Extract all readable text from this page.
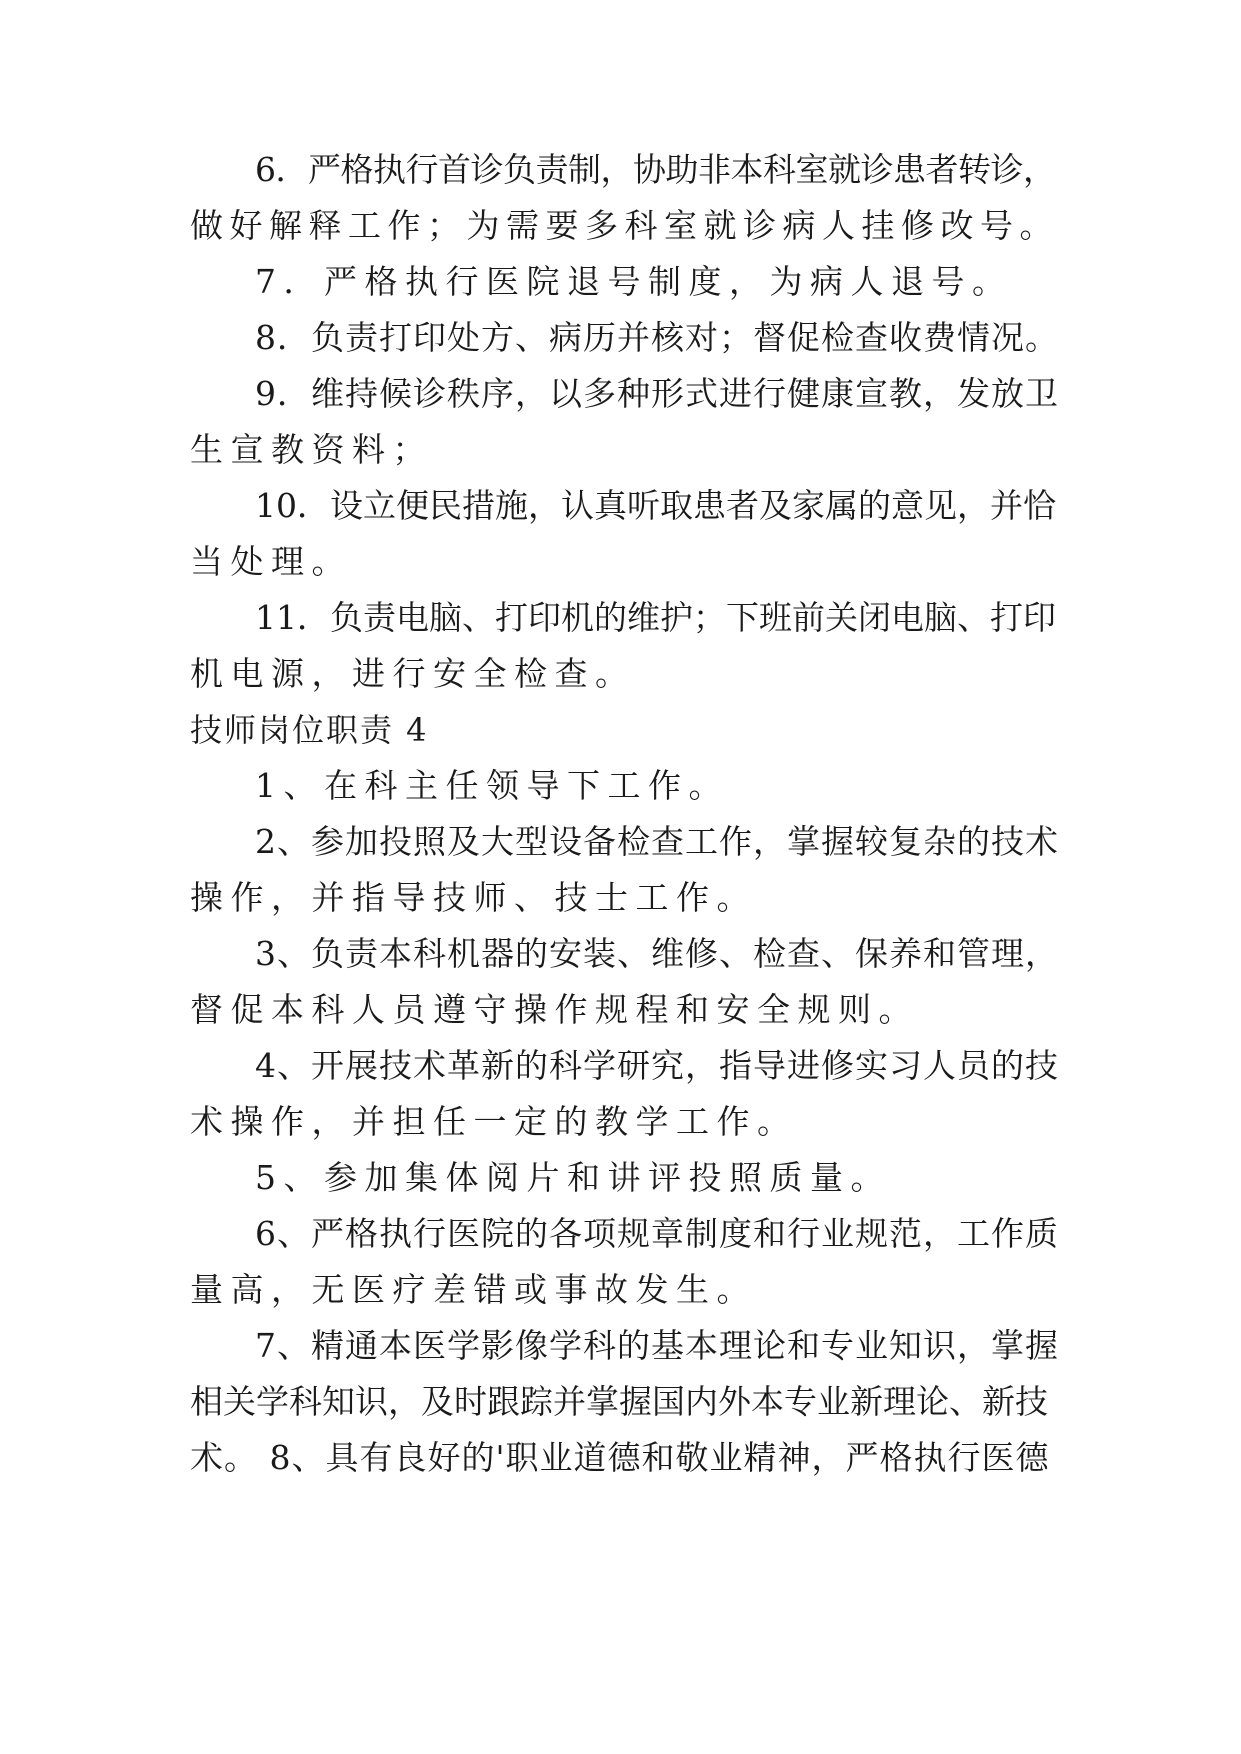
6．严格执行首诊负责制，协助非本科室就诊患者转诊，
做好解释工作；为需要多科室就诊病人挂修改号。
7．严格执行医院退号制度，为病人退号。
8．负责打印处方、病历并核对；督促检查收费情况。
9．维持候诊秩序，以多种形式进行健康宣教，发放卫
生宣教资料；
10．设立便民措施，认真听取患者及家属的意见，并恰
当处理。
11．负责电脑、打印机的维护；下班前关闭电脑、打印
机电源，进行安全检查。
技师岗位职责 4
1、在科主任领导下工作。
2、参加投照及大型设备检查工作，掌握较复杂的技术
操作，并指导技师、技士工作。
3、负责本科机器的安装、维修、检查、保养和管理，
督促本科人员遵守操作规程和安全规则。
4、开展技术革新的科学研究，指导进修实习人员的技
术操作，并担任一定的教学工作。
5、参加集体阅片和讲评投照质量。
6、严格执行医院的各项规章制度和行业规范，工作质
量高，无医疗差错或事故发生。
7、精通本医学影像学科的基本理论和专业知识，掌握
相关学科知识，及时跟踪并掌握国内外本专业新理论、新技
术。 8、具有良好的'职业道德和敬业精神，严格执行医德
